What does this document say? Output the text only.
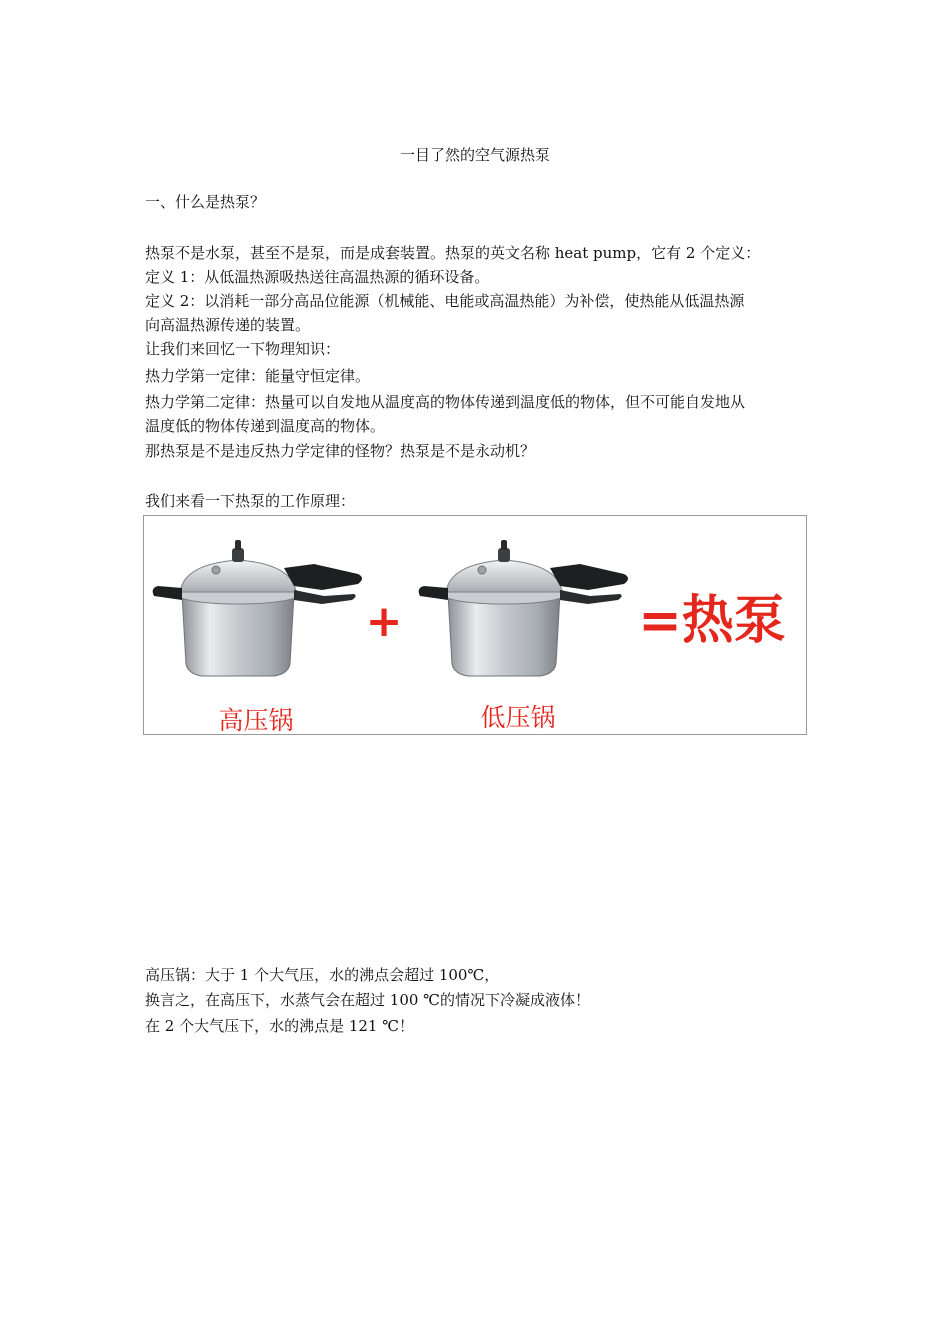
一目了然的空气源热泵
一、什么是热泵？
热泵不是水泵，甚至不是泵，而是成套装置。热泵的英文名称 heat pump，它有 2 个定义：
定义 1：从低温热源吸热送往高温热源的循环设备。
定义 2：以消耗一部分高品位能源（机械能、电能或高温热能）为补偿，使热能从低温热源
向高温热源传递的装置。
让我们来回忆一下物理知识：
热力学第一定律：能量守恒定律。
热力学第二定律：热量可以自发地从温度高的物体传递到温度低的物体，但不可能自发地从
温度低的物体传递到温度高的物体。
那热泵是不是违反热力学定律的怪物？热泵是不是永动机？
我们来看一下热泵的工作原理：
+	=热泵
高压锅	低压锅
高压锅：大于 1 个大气压，水的沸点会超过 100℃，
换言之，在高压下，水蒸气会在超过 100 ℃的情况下冷凝成液体！
在 2 个大气压下，水的沸点是 121 ℃！
